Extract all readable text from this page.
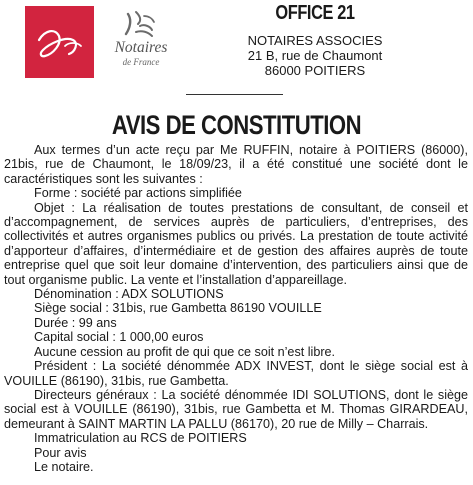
Notaires
de France
OFFICE 21
NOTAIRES ASSOCIES
21 B, rue de Chaumont
86000 POITIERS
AVIS DE CONSTITUTION

Aux termes d’un acte reçu par Me RUFFIN, notaire à POITIERS (86000), 21bis, rue de Chaumont, le 18/09/23, il a été constitué une société dont le caractéristiques sont les suivantes :

Forme : société par actions simplifiée

Objet : La réalisation de toutes prestations de consultant, de conseil et d’accompagnement, de services auprès de particuliers, d’entreprises, des collectivités et autres organismes publics ou privés. La prestation de toute activité d’apporteur d’affaires, d’intermédiaire et de gestion des affaires auprès de toute entreprise quel que soit leur domaine d’intervention, des particuliers ainsi que de tout organisme public. La vente et l’installation d’appareillage.

Dénomination : ADX SOLUTIONS

Siège social : 31bis, rue Gambetta 86190 VOUILLE

Durée : 99 ans

Capital social : 1 000,00 euros

Aucune cession au profit de qui que ce soit n’est libre.

Président : La société dénommée ADX INVEST, dont le siège social est à VOUILLE (86190), 31bis, rue Gambetta.

Directeurs généraux : La société dénommée IDI SOLUTIONS, dont le siège social est à VOUILLE (86190), 31bis, rue Gambetta et M. Thomas GIRARDEAU, demeurant à SAINT MARTIN LA PALLU (86170), 20 rue de Milly – Charrais.

Immatriculation au RCS de POITIERS

Pour avis

Le notaire.
